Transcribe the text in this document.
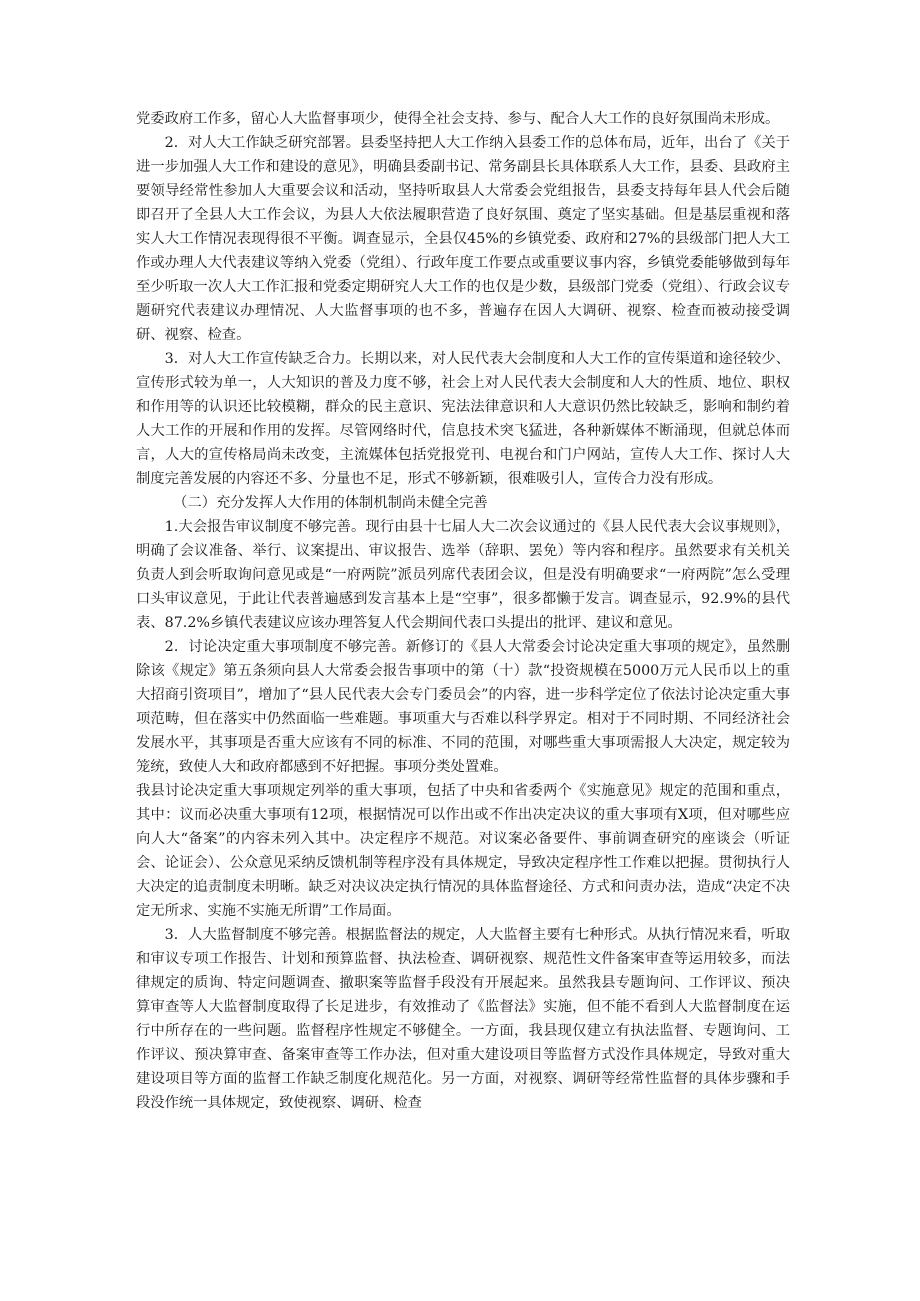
党委政府工作多，留心人大监督事项少，使得全社会支持、参与、配合人大工作的良好氛围尚未形成。

2．对人大工作缺乏研究部署。县委坚持把人大工作纳入县委工作的总体布局，近年，出台了《关于进一步加强人大工作和建设的意见》，明确县委副书记、常务副县长具体联系人大工作，县委、县政府主要领导经常性参加人大重要会议和活动，坚持听取县人大常委会党组报告，县委支持每年县人代会后随即召开了全县人大工作会议，为县人大依法履职营造了良好氛围、奠定了坚实基础。但是基层重视和落实人大工作情况表现得很不平衡。调查显示，全县仅45%的乡镇党委、政府和27%的县级部门把人大工作或办理人大代表建议等纳入党委（党组）、行政年度工作要点或重要议事内容，乡镇党委能够做到每年至少听取一次人大工作汇报和党委定期研究人大工作的也仅是少数，县级部门党委（党组）、行政会议专题研究代表建议办理情况、人大监督事项的也不多，普遍存在因人大调研、视察、检查而被动接受调研、视察、检查。

3．对人大工作宣传缺乏合力。长期以来，对人民代表大会制度和人大工作的宣传渠道和途径较少、宣传形式较为单一，人大知识的普及力度不够，社会上对人民代表大会制度和人大的性质、地位、职权和作用等的认识还比较模糊，群众的民主意识、宪法法律意识和人大意识仍然比较缺乏，影响和制约着人大工作的开展和作用的发挥。尽管网络时代，信息技术突飞猛进，各种新媒体不断涌现，但就总体而言，人大的宣传格局尚未改变，主流媒体包括党报党刊、电视台和门户网站，宣传人大工作、探讨人大制度完善发展的内容还不多、分量也不足，形式不够新颖，很难吸引人，宣传合力没有形成。

（二）充分发挥人大作用的体制机制尚未健全完善

1.大会报告审议制度不够完善。现行由县十七届人大二次会议通过的《县人民代表大会议事规则》，明确了会议准备、举行、议案提出、审议报告、选举（辞职、罢免）等内容和程序。虽然要求有关机关负责人到会听取询问意见或是“一府两院”派员列席代表团会议，但是没有明确要求“一府两院”怎么受理口头审议意见，于此让代表普遍感到发言基本上是“空事”，很多都懒于发言。调查显示，92.9%的县代表、87.2%乡镇代表建议应该办理答复人代会期间代表口头提出的批评、建议和意见。

2．讨论决定重大事项制度不够完善。新修订的《县人大常委会讨论决定重大事项的规定》，虽然删除该《规定》第五条须向县人大常委会报告事项中的第（十）款“投资规模在5000万元人民币以上的重大招商引资项目”，增加了“县人民代表大会专门委员会”的内容，进一步科学定位了依法讨论决定重大事项范畴，但在落实中仍然面临一些难题。事项重大与否难以科学界定。相对于不同时期、不同经济社会发展水平，其事项是否重大应该有不同的标准、不同的范围，对哪些重大事项需报人大决定，规定较为笼统，致使人大和政府都感到不好把握。事项分类处置难。

我县讨论决定重大事项规定列举的重大事项，包括了中央和省委两个《实施意见》规定的范围和重点，其中：议而必决重大事项有12项，根据情况可以作出或不作出决定决议的重大事项有X项，但对哪些应向人大“备案”的内容未列入其中。决定程序不规范。对议案必备要件、事前调查研究的座谈会（听证会、论证会）、公众意见采纳反馈机制等程序没有具体规定，导致决定程序性工作难以把握。贯彻执行人大决定的追责制度未明晰。缺乏对决议决定执行情况的具体监督途径、方式和问责办法，造成“决定不决定无所求、实施不实施无所谓”工作局面。

3．人大监督制度不够完善。根据监督法的规定，人大监督主要有七种形式。从执行情况来看，听取和审议专项工作报告、计划和预算监督、执法检查、调研视察、规范性文件备案审查等运用较多，而法律规定的质询、特定问题调查、撤职案等监督手段没有开展起来。虽然我县专题询问、工作评议、预决算审查等人大监督制度取得了长足进步，有效推动了《监督法》实施，但不能不看到人大监督制度在运行中所存在的一些问题。监督程序性规定不够健全。一方面，我县现仅建立有执法监督、专题询问、工作评议、预决算审查、备案审查等工作办法，但对重大建设项目等监督方式没作具体规定，导致对重大建设项目等方面的监督工作缺乏制度化规范化。另一方面，对视察、调研等经常性监督的具体步骤和手段没作统一具体规定，致使视察、调研、检查
